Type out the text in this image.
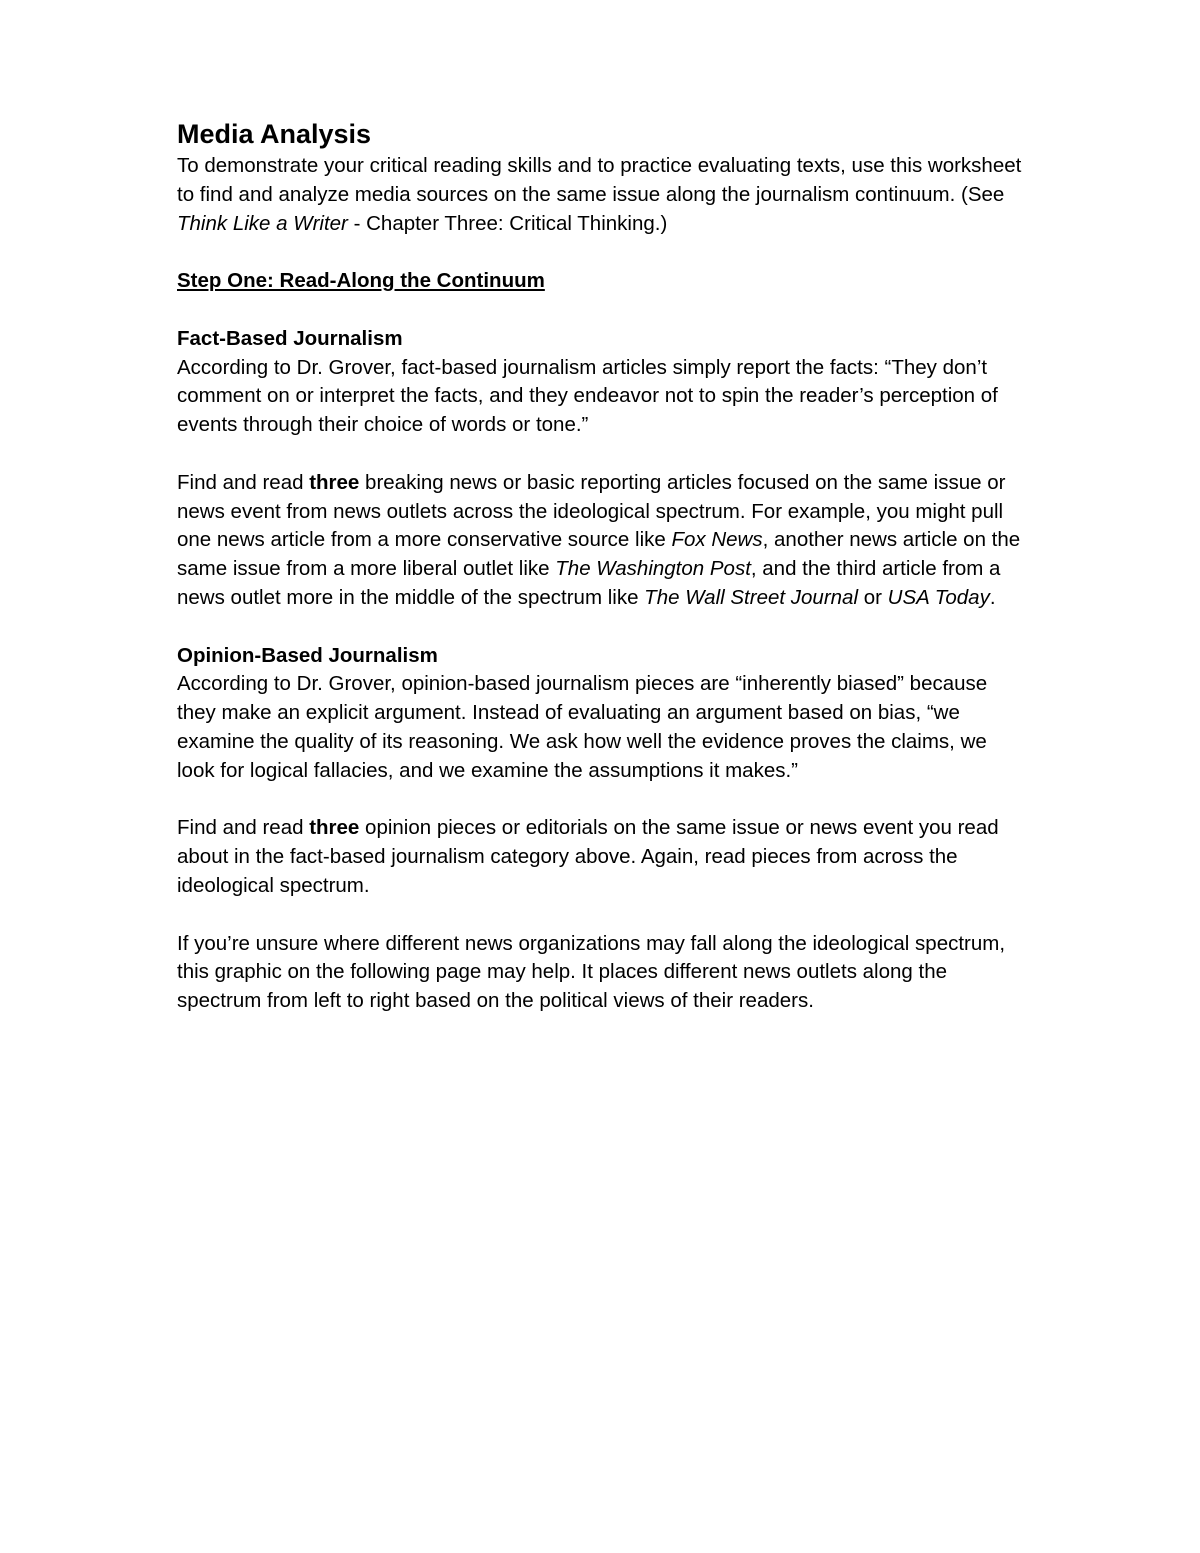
Media Analysis

To demonstrate your critical reading skills and to practice evaluating texts, use this worksheet to find and analyze media sources on the same issue along the journalism continuum. (See Think Like a Writer - Chapter Three: Critical Thinking.)

Step One: Read-Along the Continuum

Fact-Based Journalism

According to Dr. Grover, fact-based journalism articles simply report the facts: “They don’t comment on or interpret the facts, and they endeavor not to spin the reader’s perception of events through their choice of words or tone.”

Find and read three breaking news or basic reporting articles focused on the same issue or news event from news outlets across the ideological spectrum. For example, you might pull one news article from a more conservative source like Fox News, another news article on the same issue from a more liberal outlet like The Washington Post, and the third article from a news outlet more in the middle of the spectrum like The Wall Street Journal or USA Today.

Opinion-Based Journalism

According to Dr. Grover, opinion-based journalism pieces are “inherently biased” because they make an explicit argument. Instead of evaluating an argument based on bias, “we examine the quality of its reasoning. We ask how well the evidence proves the claims, we look for logical fallacies, and we examine the assumptions it makes.”

Find and read three opinion pieces or editorials on the same issue or news event you read about in the fact-based journalism category above. Again, read pieces from across the ideological spectrum.

If you’re unsure where different news organizations may fall along the ideological spectrum, this graphic on the following page may help. It places different news outlets along the spectrum from left to right based on the political views of their readers.
